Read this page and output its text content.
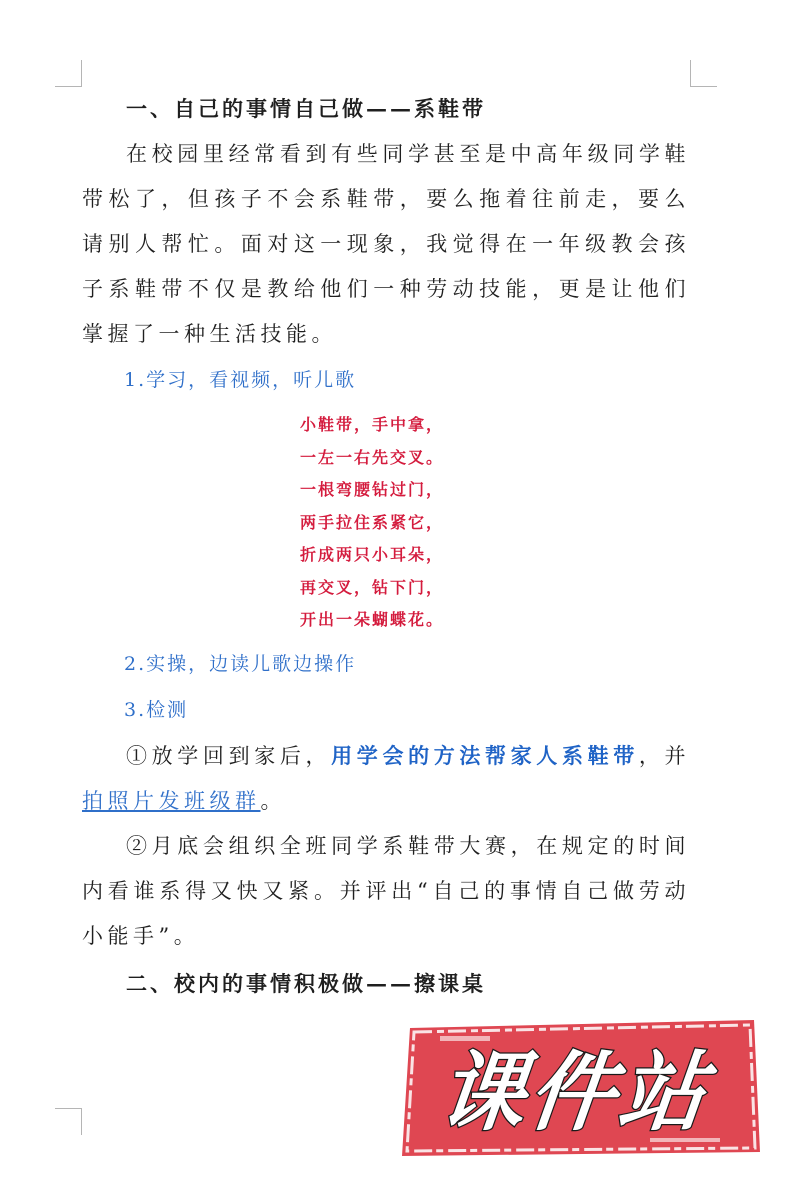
一、自己的事情自己做——系鞋带

在校园里经常看到有些同学甚至是中高年级同学鞋带松了，但孩子不会系鞋带，要么拖着往前走，要么请别人帮忙。面对这一现象，我觉得在一年级教会孩子系鞋带不仅是教给他们一种劳动技能，更是让他们掌握了一种生活技能。

1.学习，看视频，听儿歌
小鞋带，手中拿，
一左一右先交叉。
一根弯腰钻过门，
两手拉住系紧它，
折成两只小耳朵，
再交叉，钻下门，
开出一朵蝴蝶花。
2.实操，边读儿歌边操作
3.检测

①放学回到家后，用学会的方法帮家人系鞋带，并拍照片发班级群。

②月底会组织全班同学系鞋带大赛，在规定的时间内看谁系得又快又紧。并评出“自己的事情自己做劳动小能手”。

二、校内的事情积极做——擦课桌
课件站
